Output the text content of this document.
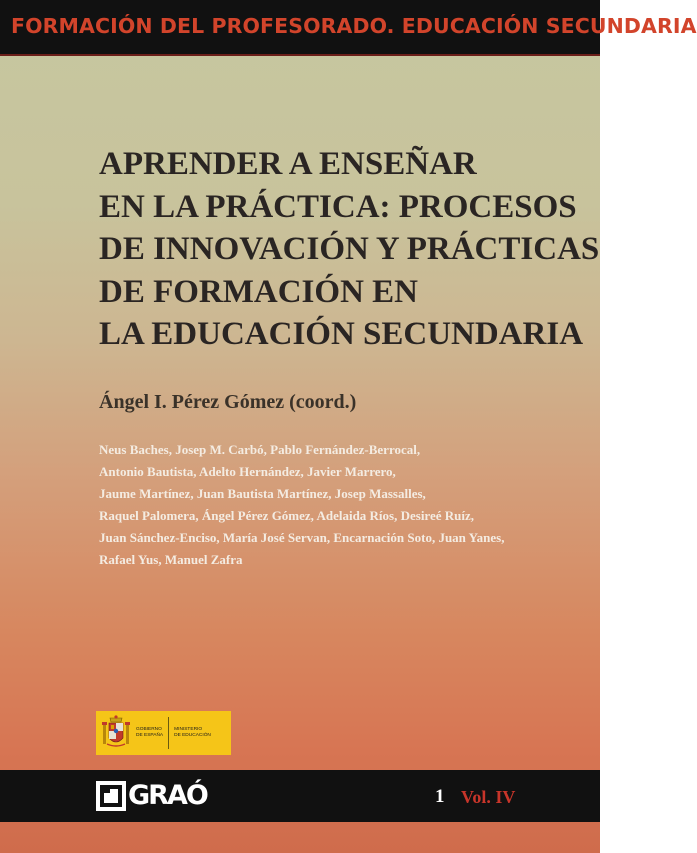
FORMACIÓN DEL PROFESORADO. EDUCACIÓN SECUNDARIA
APRENDER A ENSEÑAR
EN LA PRÁCTICA: PROCESOS
DE INNOVACIÓN Y PRÁCTICAS
DE FORMACIÓN EN
LA EDUCACIÓN SECUNDARIA

Ángel I. Pérez Gómez (coord.)

Neus Baches, Josep M. Carbó, Pablo Fernández-Berrocal,
Antonio Bautista, Adelto Hernández, Javier Marrero,
Jaume Martínez, Juan Bautista Martínez, Josep Massalles,
Raquel Palomera, Ángel Pérez Gómez, Adelaida Ríos, Desireé Ruíz,
Juan Sánchez-Enciso, María José Servan, Encarnación Soto, Juan Yanes,
Rafael Yus, Manuel Zafra

GOBIERNO
DE ESPAÑA
MINISTERIO
DE EDUCACIÓN
GRAÓ	1 Vol. IV
